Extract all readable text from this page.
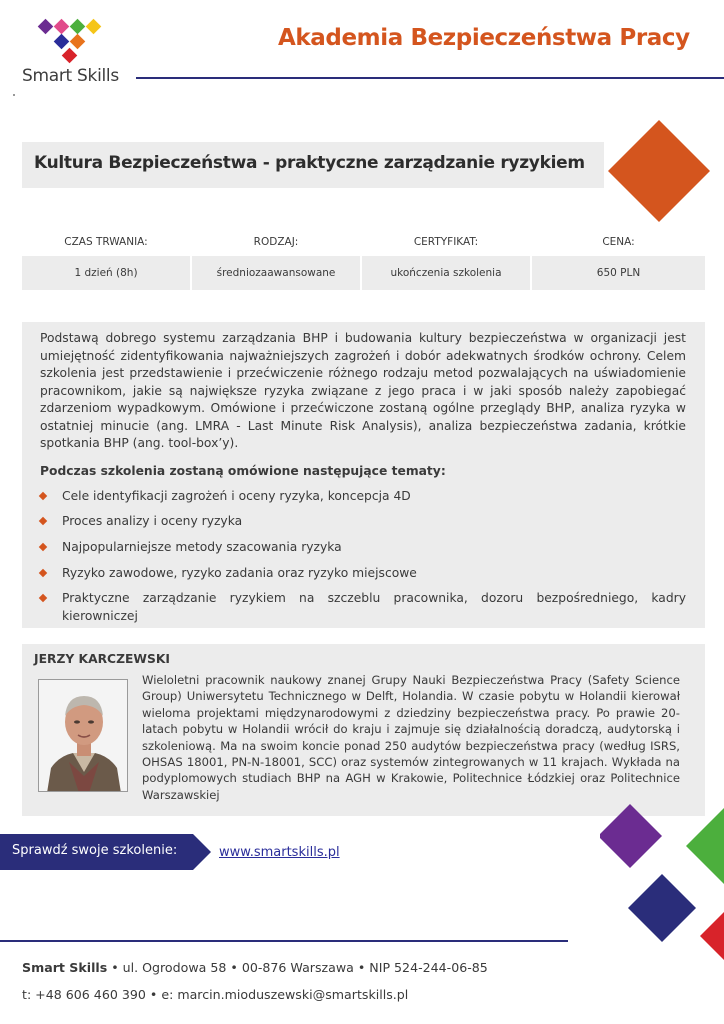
Smart Skills
Akademia Bezpieczeństwa Pracy
Kultura Bezpieczeństwa - praktyczne zarządzanie ryzykiem
CZAS TRWANIA:	RODZAJ:	CERTYFIKAT:	CENA:
1 dzień (8h)	średniozaawansowane	ukończenia szkolenia	650 PLN
Podstawą dobrego systemu zarządzania BHP i budowania kultury bezpieczeństwa w organizacji jest umiejętność zidentyfikowania najważniejszych zagrożeń i dobór adekwatnych środków ochrony. Celem szkolenia jest przedstawienie i przećwiczenie różnego rodzaju metod pozwalających na uświadomienie pracownikom, jakie są największe ryzyka związane z jego praca i w jaki sposób należy zapobiegać zdarzeniom wypadkowym. Omówione i przećwiczone zostaną ogólne przeglądy BHP, analiza ryzyka w ostatniej minucie (ang. LMRA - Last Minute Risk Analysis), analiza bezpieczeństwa zadania, krótkie spotkania BHP (ang. tool-box’y).
Podczas szkolenia zostaną omówione następujące tematy:
Cele identyfikacji zagrożeń i oceny ryzyka, koncepcja 4D
Proces analizy i oceny ryzyka
Najpopularniejsze metody szacowania ryzyka
Ryzyko zawodowe, ryzyko zadania oraz ryzyko miejscowe
Praktyczne zarządzanie ryzykiem na szczeblu pracownika, dozoru bezpośredniego, kadry kierowniczej
JERZY KARCZEWSKI
Wieloletni pracownik naukowy znanej Grupy Nauki Bezpieczeństwa Pracy (Safety Science Group) Uniwersytetu Technicznego w Delft, Holandia. W czasie pobytu w Holandii kierował wieloma projektami międzynarodowymi z dziedziny bezpieczeństwa pracy. Po prawie 20-latach pobytu w Holandii wrócił do kraju i zajmuje się działalnością doradczą, audytorską i szkoleniową. Ma na swoim koncie ponad 250 audytów bezpieczeństwa pracy (według ISRS, OHSAS 18001, PN-N-18001, SCC) oraz systemów zintegrowanych w 11 krajach. Wykłada na podyplomowych studiach BHP na AGH w Krakowie, Politechnice Łódzkiej oraz Politechnice Warszawskiej
Sprawdź swoje szkolenie:	www.smartskills.pl
Smart Skills • ul. Ogrodowa 58 • 00-876 Warszawa • NIP 524-244-06-85
t: +48 606 460 390 • e: marcin.mioduszewski@smartskills.pl
